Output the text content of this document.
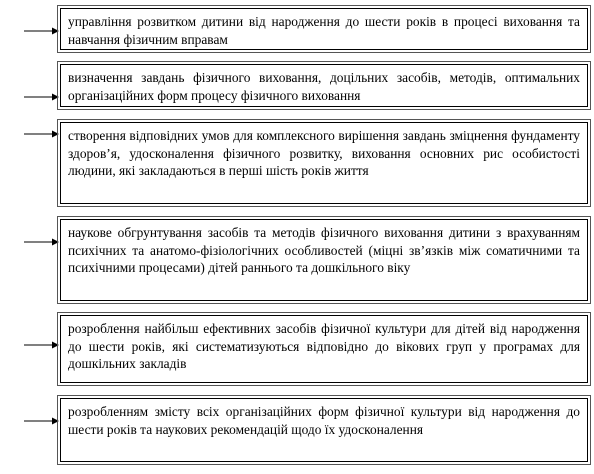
управління розвитком дитини від народження до шести років в процесі виховання та навчання фізичним вправам
визначення завдань фізичного виховання, доцільних засобів, методів, оптимальних організаційних форм процесу фізичного виховання
створення відповідних умов для комплексного вирішення завдань зміцнення фундаменту здоров’я, удосконалення фізичного розвитку, виховання основних рис особистості людини, які закладаються в перші шість років життя
наукове обгрунтування засобів та методів фізичного виховання дитини з врахуванням психічних та анатомо-фізіологічних особливостей (міцні зв’язків між соматичними та психічними процесами) дітей раннього та дошкільного віку
розроблення найбільш ефективних засобів фізичної культури для дітей від народження до шести років, які систематизуються відповідно до вікових груп у програмах для дошкільних закладів
розробленням змісту всіх організаційних форм фізичної культури від народження до шести років та наукових рекомендацій щодо їх удосконалення
